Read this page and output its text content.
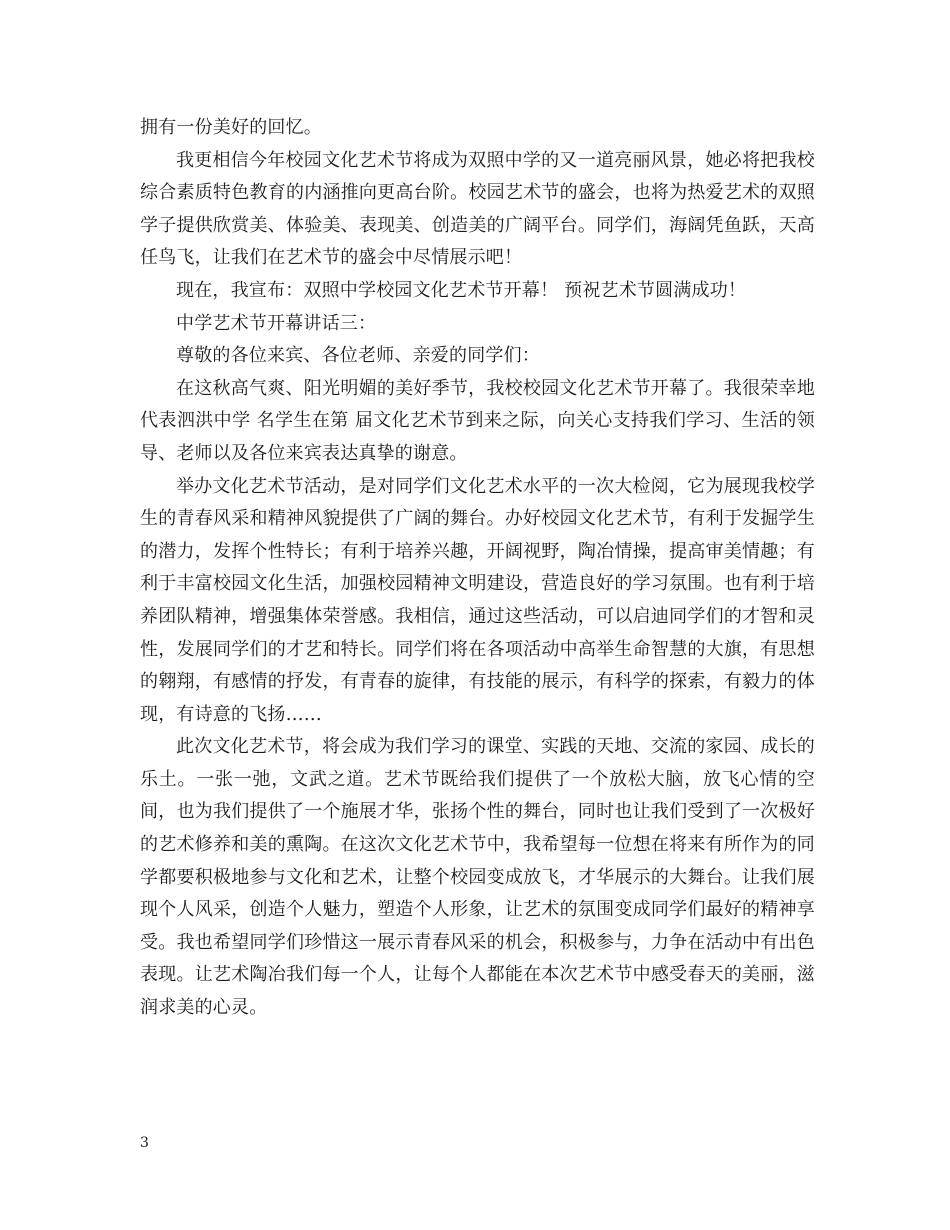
拥有一份美好的回忆。

我更相信今年校园文化艺术节将成为双照中学的又一道亮丽风景，她必将把我校综合素质特色教育的内涵推向更高台阶。校园艺术节的盛会，也将为热爱艺术的双照学子提供欣赏美、体验美、表现美、创造美的广阔平台。同学们，海阔凭鱼跃，天高任鸟飞，让我们在艺术节的盛会中尽情展示吧！

现在，我宣布：双照中学校园文化艺术节开幕！ 预祝艺术节圆满成功！

中学艺术节开幕讲话三：

尊敬的各位来宾、各位老师、亲爱的同学们：

在这秋高气爽、阳光明媚的美好季节，我校校园文化艺术节开幕了。我很荣幸地代表泗洪中学 名学生在第 届文化艺术节到来之际，向关心支持我们学习、生活的领导、老师以及各位来宾表达真挚的谢意。

举办文化艺术节活动，是对同学们文化艺术水平的一次大检阅，它为展现我校学生的青春风采和精神风貌提供了广阔的舞台。办好校园文化艺术节，有利于发掘学生的潜力，发挥个性特长；有利于培养兴趣，开阔视野，陶冶情操，提高审美情趣；有利于丰富校园文化生活，加强校园精神文明建设，营造良好的学习氛围。也有利于培养团队精神，增强集体荣誉感。我相信，通过这些活动，可以启迪同学们的才智和灵性，发展同学们的才艺和特长。同学们将在各项活动中高举生命智慧的大旗，有思想的翱翔，有感情的抒发，有青春的旋律，有技能的展示，有科学的探索，有毅力的体现，有诗意的飞扬……

此次文化艺术节，将会成为我们学习的课堂、实践的天地、交流的家园、成长的乐土。一张一弛，文武之道。艺术节既给我们提供了一个放松大脑，放飞心情的空间，也为我们提供了一个施展才华，张扬个性的舞台，同时也让我们受到了一次极好的艺术修养和美的熏陶。在这次文化艺术节中，我希望每一位想在将来有所作为的同学都要积极地参与文化和艺术，让整个校园变成放飞，才华展示的大舞台。让我们展现个人风采，创造个人魅力，塑造个人形象，让艺术的氛围变成同学们最好的精神享受。我也希望同学们珍惜这一展示青春风采的机会，积极参与，力争在活动中有出色表现。让艺术陶冶我们每一个人，让每个人都能在本次艺术节中感受春天的美丽，滋润求美的心灵。

3
